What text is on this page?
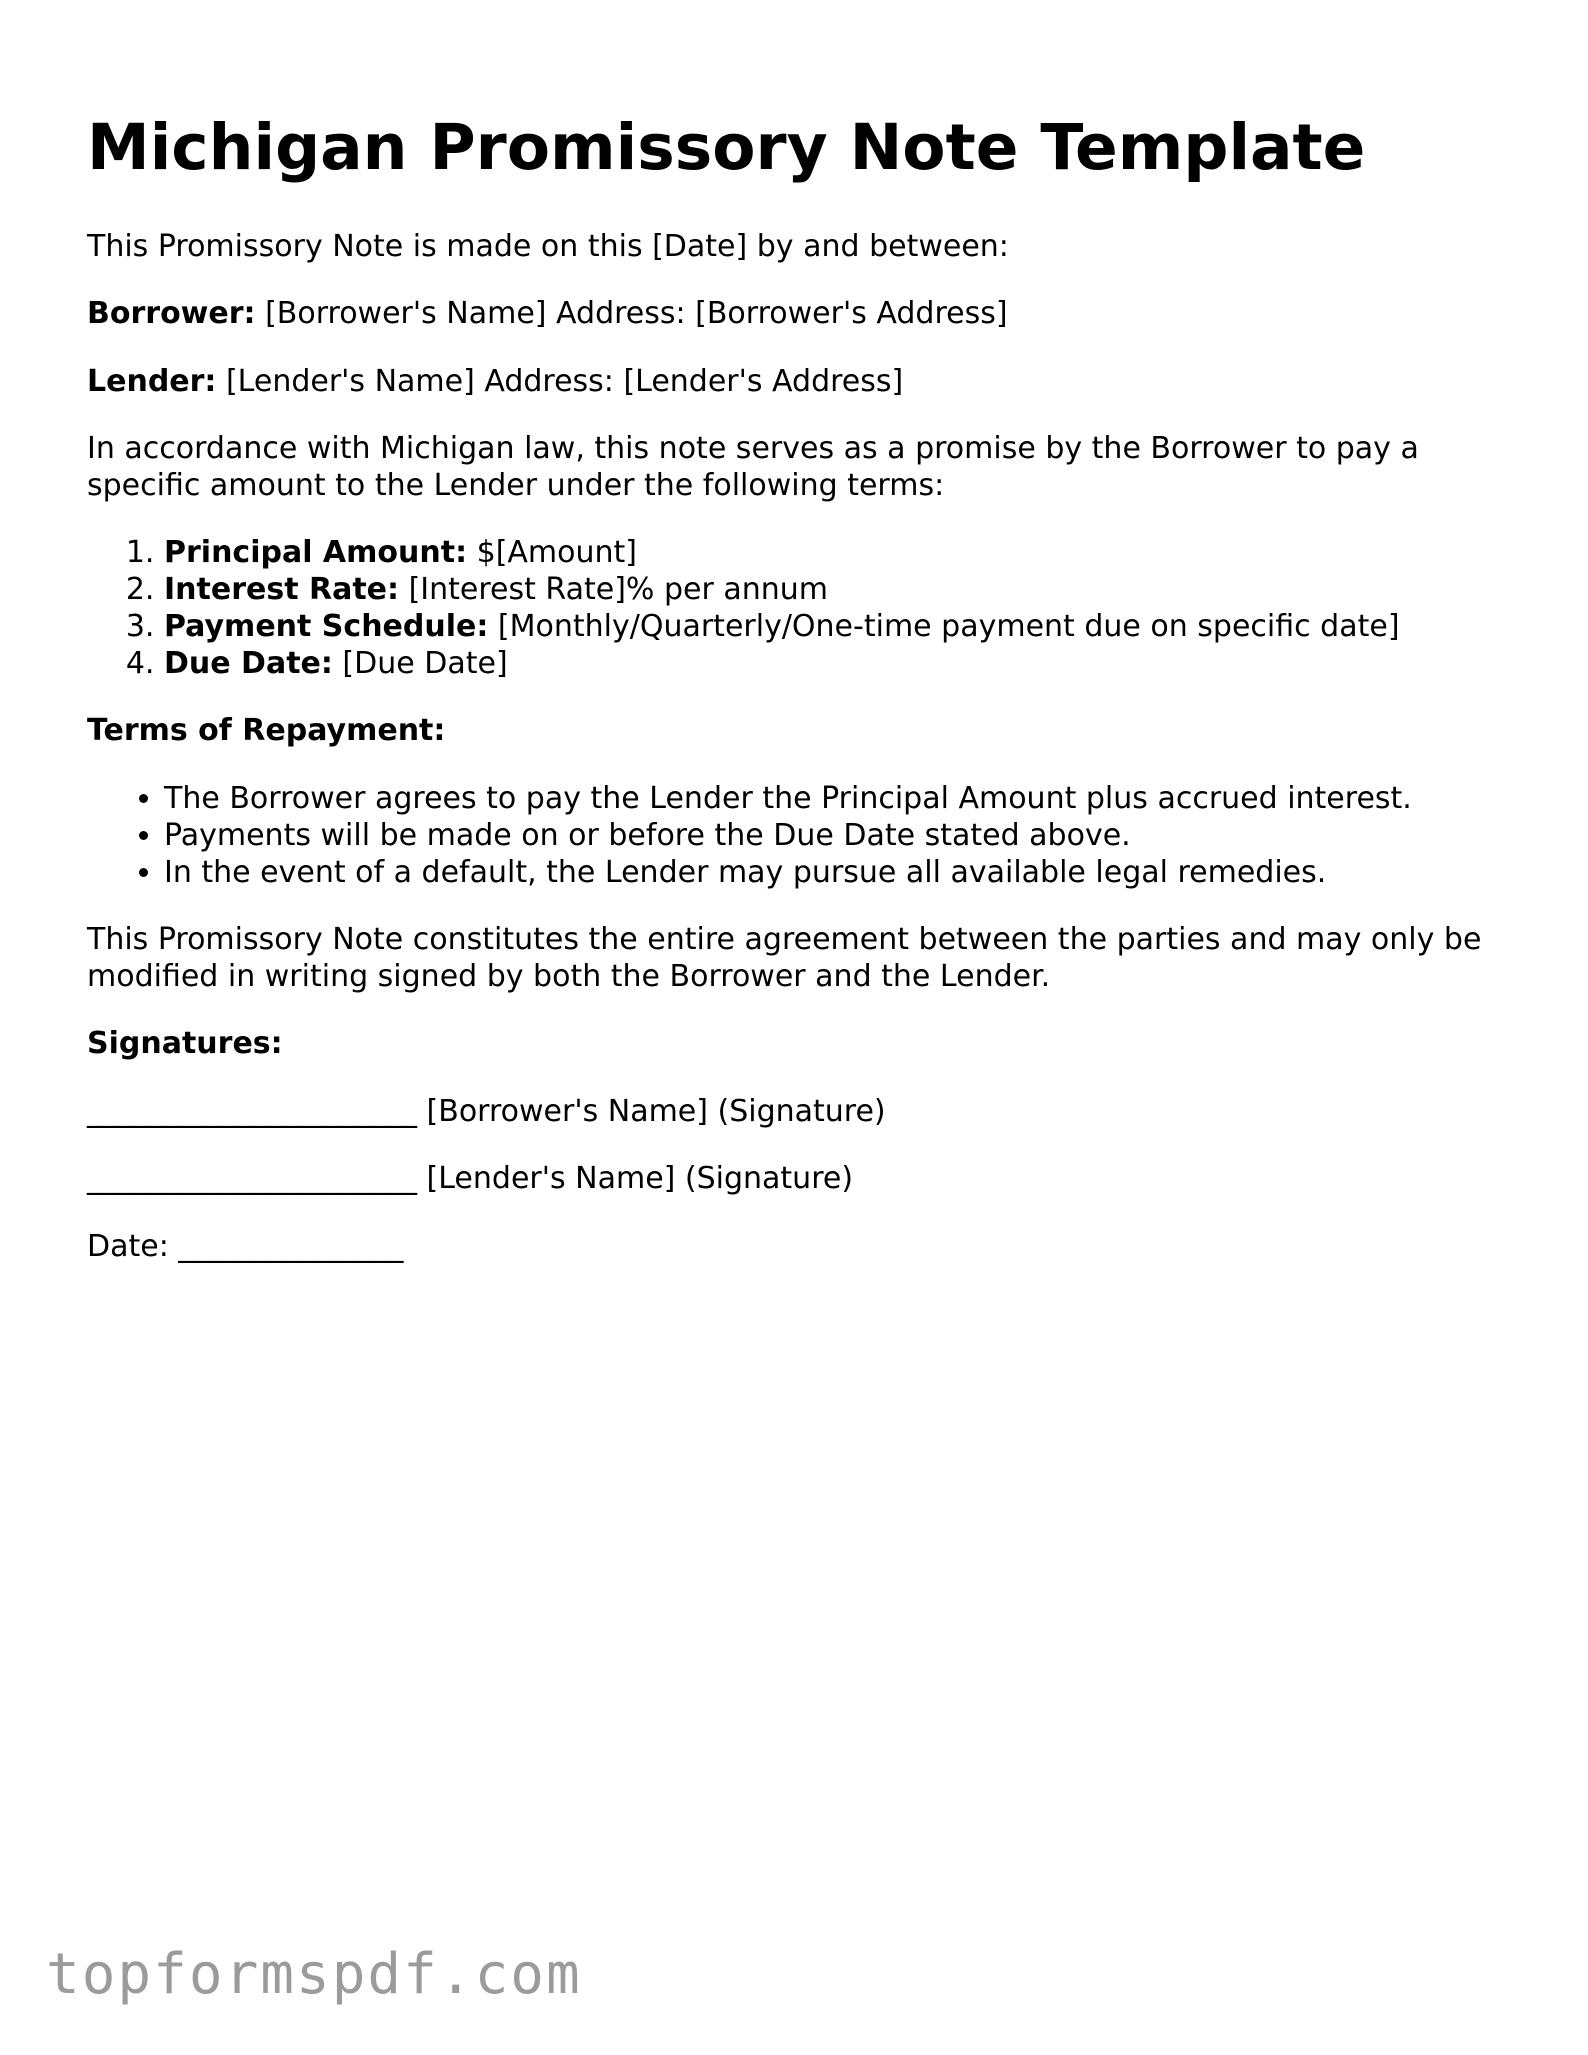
Michigan Promissory Note Template

This Promissory Note is made on this [Date] by and between:

Borrower: [Borrower's Name] Address: [Borrower's Address]

Lender: [Lender's Name] Address: [Lender's Address]

In accordance with Michigan law, this note serves as a promise by the Borrower to pay a specific amount to the Lender under the following terms:

1. Principal Amount: $[Amount]
2. Interest Rate: [Interest Rate]% per annum
3. Payment Schedule: [Monthly/Quarterly/One-time payment due on specific date]
4. Due Date: [Due Date]

Terms of Repayment:

• The Borrower agrees to pay the Lender the Principal Amount plus accrued interest.
• Payments will be made on or before the Due Date stated above.
• In the event of a default, the Lender may pursue all available legal remedies.

This Promissory Note constitutes the entire agreement between the parties and may only be modified in writing signed by both the Borrower and the Lender.

Signatures:

______________________ [Borrower's Name] (Signature)

______________________ [Lender's Name] (Signature)

Date: _______________

topformspdf.com
